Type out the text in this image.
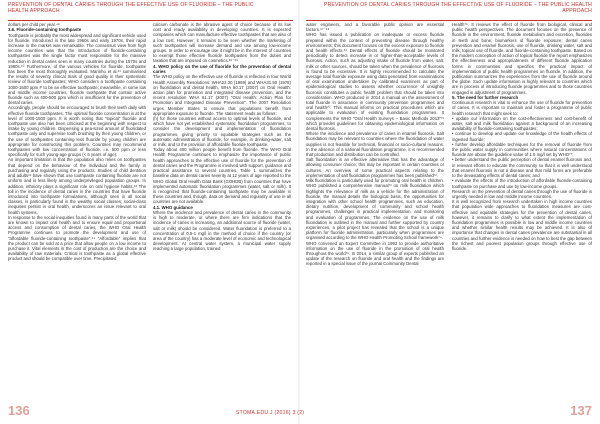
PREVENTION OF DENTAL CARIES THROUGH THE EFFECTIVE USE OF FLUORIDE – THE PUBLIC HEALTH APPROACH
PREVENTION OF DENTAL CARIES THROUGH THE EFFECTIVE USE OF FLUORIDE – THE PUBLIC HEALTH APPROACH

dollars per child per year.⁴⁸

3.6. Fluoride-containing toothpaste

Toothpaste is probably the most widespread and significant vehicle used for fluoride. Introduced in the late 1960s and early 1970s, their rapid increase in the market was remarkable. The consensus view from high income countries was that the introduction of fluoride-containing toothpastes was the single factor most responsible for the massive reduction in dental caries seen in many countries during the 1970s and 1980s.⁶⁰ Furthermore, of the various vehicles for fluoride, toothpaste has been the most thoroughly evaluated. Marinho et al.⁶¹ summarised the results of seventy clinical trials of good quality in their systematic review of fluoride toothpastes; WHO considers a toothpaste containing 1000-1500 ppm F to be an effective toothpaste; meanwhile, in some low and middle income countries, fluoride toothpaste that contain active fluoride such as 400-500 ppm which is insufficient for the prevention of dental caries.

Accordingly, people should be encouraged to brush their teeth daily with effective fluoride toothpastes. The optimal fluoride concentration is at the level of 1000-1500 ppm. It is worth noting that "topical" fluoride and toothpaste use also has been criticised at the beginning with respect to intake by young children. Dispensing a pea-sized amount of fluoridated toothpaste only and supervise tooth brushing by their young children, or the use of toothpastes containing less fluoride by young children are appropriate for constructing this problem. Countries may recommend toothpastes with low concentration of fluoride, i.e. 500 ppm or less specifically for such young-age groups (< 6 years of age).

An important limitation is that the population also relies on toothpastes that depend on the behaviour of the individual and the family in purchasing and regularly using the products. Studies of child dentition and adults⁶² have shown that use toothpaste containing fluoride are not uniform and is less likely among underprivileged population groups. In addition, ethnicity plays a significant role on oral hygiene habits.⁶³ The toll in the incidence of dental caries in the countries that have fluoride introduced into toothpaste formulations, although seen in all social classes, is particularly found in the wealthy social classes; social-class inequities persist in oral health, underscores an issue relevant to oral health systems.

In response to the social inequities found in many parts of the world that are known to impact oral health and to ensure equal and proportional access and consumption of dental caries, the WHO Oral Health Programme continues to promote the development and use of "affordable fluoride-containing toothpaste".⁶⁴ "Affordable" implies that the product can be sold at a price that allow people on a low income to purchase it. Vital elements in the cost of production are the choice and availability of raw materials. Critical is toothpaste as a global effective product and should be compatible over time. Precipitated

calcium carbonate is the abrasive agent of choice because of its low cost and ready availability in developing countries. It is expected companies which can manufacture effective toothpastes that are also of a low cost. However, it remains to be seen whether the marketing of such toothpastes will increase demand and use among low-income groups. In order to encourage use it might be in the interest of countries to exempt those effective fluoride toothpastes from the duties and taxation that are imposed on cosmetics.⁶⁵⁻⁶⁶

4. WHO policy on the use of fluoride for the prevention of dental caries

The WHO policy on the effective use of fluoride is reflected in four World Health Assembly Resolutions: WHA22.30 (1969) and WHA31.50 (1978) on fluoridation and dental health, WHA 60.17 (2007) on Oral Health: action plan for promotion and integrated disease prevention, and the recent resolution WHA 61.17 (2007) "Oral Health: Action Plan for Promotion and Integrated Disease Prevention". The 2007 Resolution urges Member States to ensure that populations benefit from appropriate exposure to fluoride. The statement reads as follows:

(h) for those countries without access to optimal levels of fluoride, and which have not yet established systematic fluoridation programmes, to consider the development and implementation of fluoridation programmes, giving priority to equitable strategies such as the automatic administration of fluoride, for example, in drinking-water, salt or milk, and to the provision of affordable fluoride toothpaste.

Today about 400 million people benefit from fluoride. The WHO Oral Health Programme continues to emphasize the importance of public health approaches to the effective use of fluoride for the prevention of dental caries and the Programme is involved with support, guidance and practical assistance to several countries. Table 1 summarizes the baseline data on dental caries severity at 12 years of age reported to the WHO Global Oral Health Data Bank (GOHDB) from countries that have implemented automatic fluoridation programmes (water, salt or milk). It is recognized that fluoride-containing toothpaste may be available in these countries and, though, data on demand and regularity of use in all countries are not available.

4.1. WHO guidance

Where the incidence and prevalence of dental caries in the community is high to moderate, or where there are firm indications that the incidence of caries is increasing, an additional source of fluoride (water, salt or milk) should be considered. Water fluoridation is preferred to a concentration of 0.5-1 mg/l in the method of choice if the country (or area of the country) has a moderate level of economic and technological development. At central water system, a municipal water supply reaching a large population, trained

water engineers, and a favorable public opinion are essential factors.⁶⁷⁻⁶⁸

WHO has issued a publication on inadequate or excess fluoride prepared within the context of preventing disease through healthy environments; this document focuses on the excess exposure to fluoride and health effects.⁶⁹ Dental effects of fluoride should be monitored periodically to detect increase in or higher-than-acceptable levels of fluorosis. Action, such as adjusting intake of fluoride from water, salt, milk or other sources, should be taken when the prevalence of fluorosis is found to be excessive. It is highly recommended to calculate the average total fluoride exposure using data generated from examinations of oral examination undertaken by calibrated examiners as part of epidemiological studies to assess whether occurrence of unsightly fluorosis constitutes a public health problem that should be taken into consideration. WHO produced in 2014 a manual on the assessment of total fluoride in assurance in community prevention programmes and oral health⁷⁰. This manual informs on practical procedures which are applicable to evaluation of existing fluoridation programmes. It complements the WHO "Oral Health Surveys – Basic Methods 2013"⁷¹ which provides guidelines for obtaining epidemiological information on dental fluorosis.

Where the incidence and prevalence of caries in enamel fluorosis. Salt fluoridation may be relevant to countries where the fluoridation of water supplies is not feasible for technical, financial or socio-cultural reasons. In the absence of a national fluoridation programme, it is recommended that production and distribution can be controlled.

Salt fluoridation is an effective alternative that has the advantage of allowing consumer choice; this may be important in certain countries or cultures. An overview of some practical aspects relating to the implementation of salt fluoridation programmes has been published⁷².

Milk fluoridation is particularly used for promoting oral health in children. WHO published a comprehensive manual⁷³ on milk fluoridation which highlights the relevance of milk as a vehicle for the administration of fluoride, the manual details the biological basis, the opportunities for integration with other school health programmes, such as education, dietary nutrition, development of community and school health programmes, challenges in practical implementation, and monitoring and evaluation of programmes. The evidence on the use of milk fluoridation is outlined in the manual and further supported by country experiences, a pilot project has revealed that the school is a unique platform for fluoride administration, particularly when programmes are organised according to the WHO Health Promoting School framework⁷⁴.

WHO convened an Expert Committee in 1993 to provide authoritative information on the use of fluoride in the promotion of oral health throughout the world⁷⁵. In 2014, a similar group of experts published an update of the research on fluoride and oral health and the findings are reported in a special issue of the journal Community Dental

Health⁷⁶. It reviews the effect of fluoride from biological, clinical and public health perspectives. The document focuses on the presence of fluoride in the environment, fluoride metabolism and excretion, fluorides in teeth and bone; biomarkers of fluoride exposure; dental caries prevention and enamel fluorosis, use of fluoride, drinking water, salt and milk, topical use of fluoride, and fluoride-containing toothpaste. Based on the modern conception of action of topical fluoride the report emphasizes the effectiveness and appropriateness of different fluoride application forms in communities and specifies the practical impact of implementation of public health programmes on fluoride. In addition, the publication summarizes the experiences from the use of fluoride around the globe. Such update information is highly relevant to countries which are in process of introducing fluoride programmes and to those countries engaged in adjustment of programmes.

5. The need for further research

Continuous research is vital to enhance the use of fluoride for prevention of caries. It is important to maintain and foster a programme of public health research that might seek to:

• update our information on the cost-effectiveness and cost-benefit of water, salt and milk fluoridation against a background of an increasing availability of fluoride-containing toothpastes;

• continue to develop and update our knowledge of the health effects of ingested fluoride;

• further develop affordable techniques for the removal of fluoride from the public water supply in communities where natural concentrations of fluoride are above the guideline value of 1.5 mg/l set by WHO⁷⁷;

• better understand the public perception of dental enamel fluorosis and, in relevant efforts to educate the community so that it is well understood that enamel fluorosis is not a disease and that mild forms are preferable to the devastating effects of dental caries; and

• evaluate the effects of the introduction of affordable fluoride-containing toothpaste on purchase and use by low-income groups.

Research on the prevention of dental caries through the use of fluoride is urgently needed in low and middle income countries.

It is well recognized from research undertaken in high income countries that population wide approaches to fluoridation measures are cost-effective and equitable strategies for the prevention of dental caries, however, it remains to clarify to what extent the implementation of fluoridation programmes is possible in low and middle income countries and whether similar health results may be achieved. It is also of importance that changes in dental caries prevalence are substantial in all countries and further evidence is needed on how to best the gap between the richest and poorest population groups through effective use of fluoride.

136	STOMA.EDU.J (2016) 3 (2)	137
